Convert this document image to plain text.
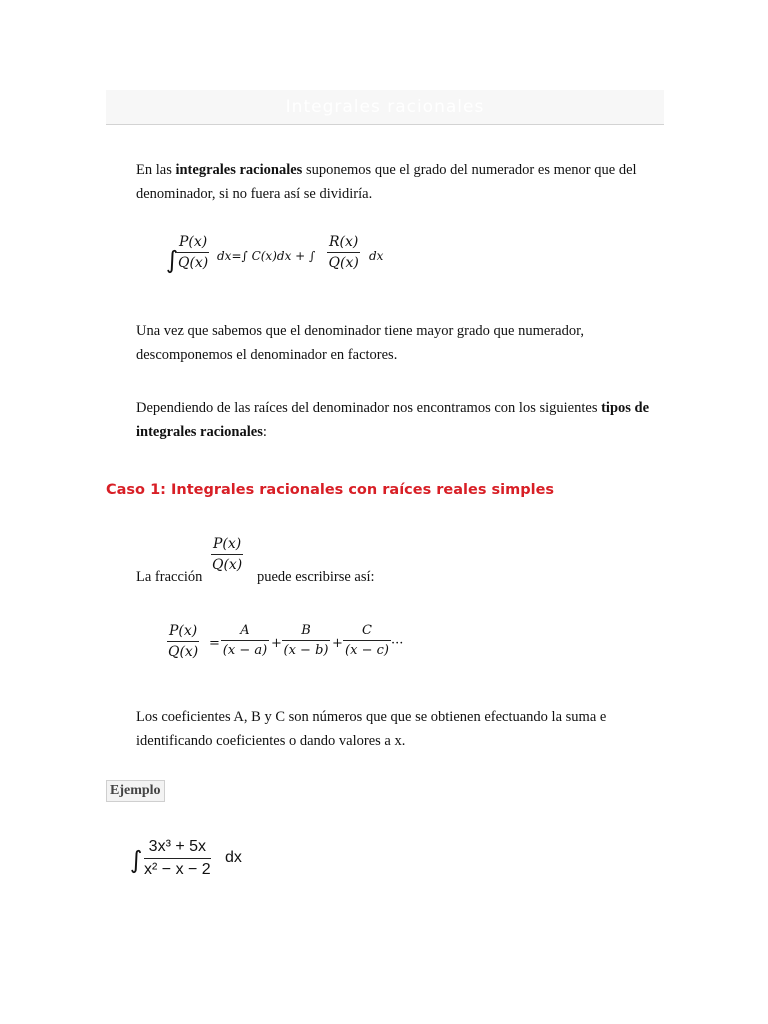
Integrales racionales

En las integrales racionales suponemos que el grado del numerador es menor que del denominador, si no fuera así se dividiría.

∫
$\frac{P(x)}{Q(x)} dx=\int$ C(x)dx + ∫ $\frac{R(x)}{Q(x)}$ dx

Una vez que sabemos que el denominador tiene mayor grado que numerador, descomponemos el denominador en factores.

Dependiendo de las raíces del denominador nos encontramos con los siguientes tipos de integrales racionales:

Caso 1: Integrales racionales con raíces reales simples
La fracción
$\frac{P(x)}{Q(x)}$
puede escribirse así:
$\frac{P(x)}{Q(x)} = \frac{A}{(x - a)} + \frac{B}{(x - b)} + \frac{C}{(x - c)}$ ···

Los coeficientes A, B y C son números que que se obtienen efectuando la suma e identificando coeficientes o dando valores a x.

Ejemplo
∫ $\frac{\text{3x³ + 5x}}{\text{x² − x − 2}}$ dx
